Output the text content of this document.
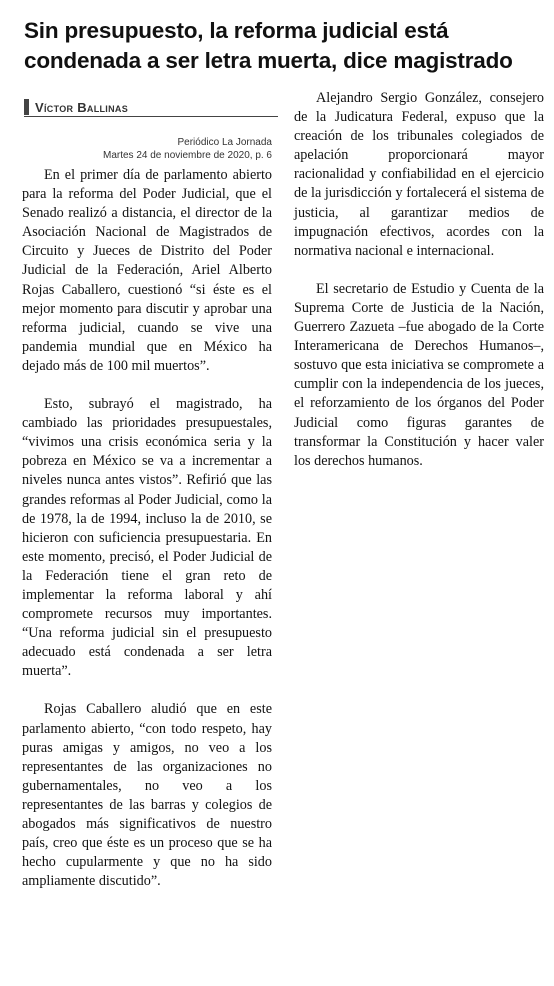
Sin presupuesto, la reforma judicial está condenada a ser letra muerta, dice magistrado
Víctor Ballinas
Periódico La Jornada
Martes 24 de noviembre de 2020, p. 6

En el primer día de parlamento abierto para la reforma del Poder Judicial, que el Senado realizó a distancia, el director de la Asociación Nacional de Magistrados de Circuito y Jueces de Distrito del Poder Judicial de la Federación, Ariel Alberto Rojas Caballero, cuestionó “si éste es el mejor momento para discutir y aprobar una reforma judicial, cuando se vive una pandemia mundial que en México ha dejado más de 100 mil muertos”.

Esto, subrayó el magistrado, ha cambiado las prioridades presupuestales, “vivimos una crisis económica seria y la pobreza en México se va a incrementar a niveles nunca antes vistos”. Refirió que las grandes reformas al Poder Judicial, como la de 1978, la de 1994, incluso la de 2010, se hicieron con suficiencia presupuestaria. En este momento, precisó, el Poder Judicial de la Federación tiene el gran reto de implementar la reforma laboral y ahí compromete recursos muy importantes. “Una reforma judicial sin el presupuesto adecuado está condenada a ser letra muerta”.

Rojas Caballero aludió que en este parlamento abierto, “con todo respeto, hay puras amigas y amigos, no veo a los representantes de las organizaciones no gubernamentales, no veo a los representantes de las barras y colegios de abogados más significativos de nuestro país, creo que éste es un proceso que se ha hecho cupularmente y que no ha sido ampliamente discutido”.

Alejandro Sergio González, consejero de la Judicatura Federal, expuso que la creación de los tribunales colegiados de apelación proporcionará mayor racionalidad y confiabilidad en el ejercicio de la jurisdicción y fortalecerá el sistema de justicia, al garantizar medios de impugnación efectivos, acordes con la normativa nacional e internacional.

El secretario de Estudio y Cuenta de la Suprema Corte de Justicia de la Nación, Guerrero Zazueta –fue abogado de la Corte Interamericana de Derechos Humanos–, sostuvo que esta iniciativa se compromete a cumplir con la independencia de los jueces, el reforzamiento de los órganos del Poder Judicial como figuras garantes de transformar la Constitución y hacer valer los derechos humanos.
